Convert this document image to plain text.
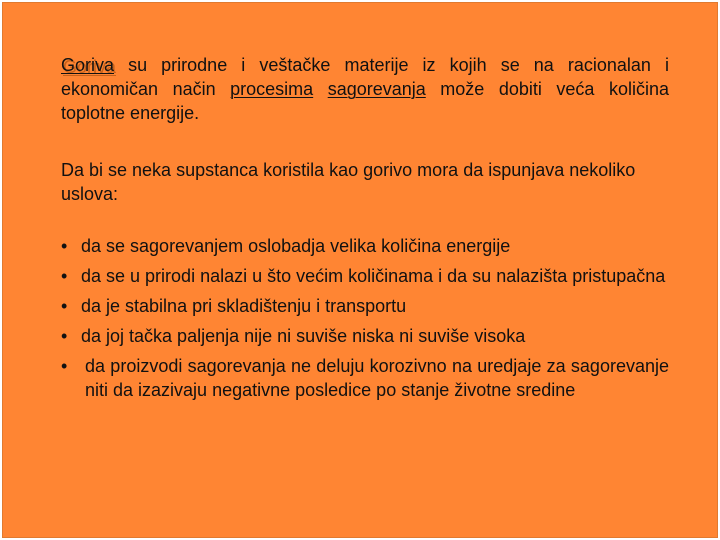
Goriva su prirodne i veštačke materije iz kojih se na racionalan i ekonomičan način procesima sagorevanja može dobiti veća količina toplotne energije.

Da bi se neka supstanca koristila kao gorivo mora da ispunjava nekoliko uslova:

• da se sagorevanjem oslobadja velika količina energije
• da se u prirodi nalazi u što većim količinama i da su nalazišta pristupačna
• da je stabilna pri skladištenju i transportu
• da joj tačka paljenja nije ni suviše niska ni suviše visoka
• da proizvodi sagorevanja ne deluju korozivno na uredjaje za sagorevanje niti da izazivaju negativne posledice po stanje životne sredine
